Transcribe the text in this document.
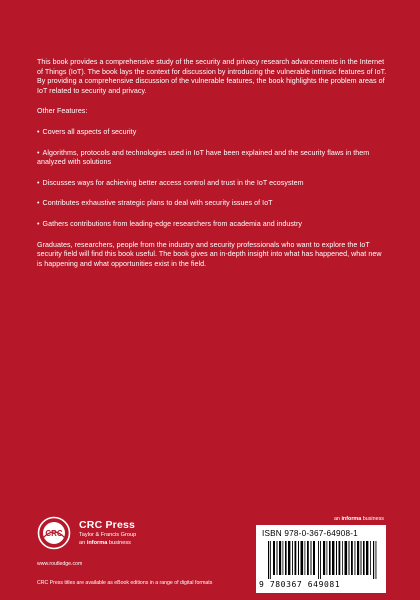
This book provides a comprehensive study of the security and privacy research advancements in the Internet of Things (IoT). The book lays the context for discussion by introducing the vulnerable intrinsic features of IoT. By providing a comprehensive discussion of the vulnerable features, the book highlights the problem areas of IoT related to security and privacy.

Other Features:

• Covers all aspects of security

• Algorithms, protocols and technologies used in IoT have been explained and the security flaws in them analyzed with solutions

• Discusses ways for achieving better access control and trust in the IoT ecosystem

• Contributes exhaustive strategic plans to deal with security issues of IoT

• Gathers contributions from leading-edge researchers from academia and industry

Graduates, researchers, people from the industry and security professionals who want to explore the IoT security field will find this book useful. The book gives an in-depth insight into what has happened, what new is happening and what opportunities exist in the field.

CRC
CRC Press
Taylor & Francis Group
an informa business
www.routledge.com
CRC Press titles are available as eBook editions in a range of digital formats
an informa business
ISBN 978-0-367-64908-1
9 780367 649081
